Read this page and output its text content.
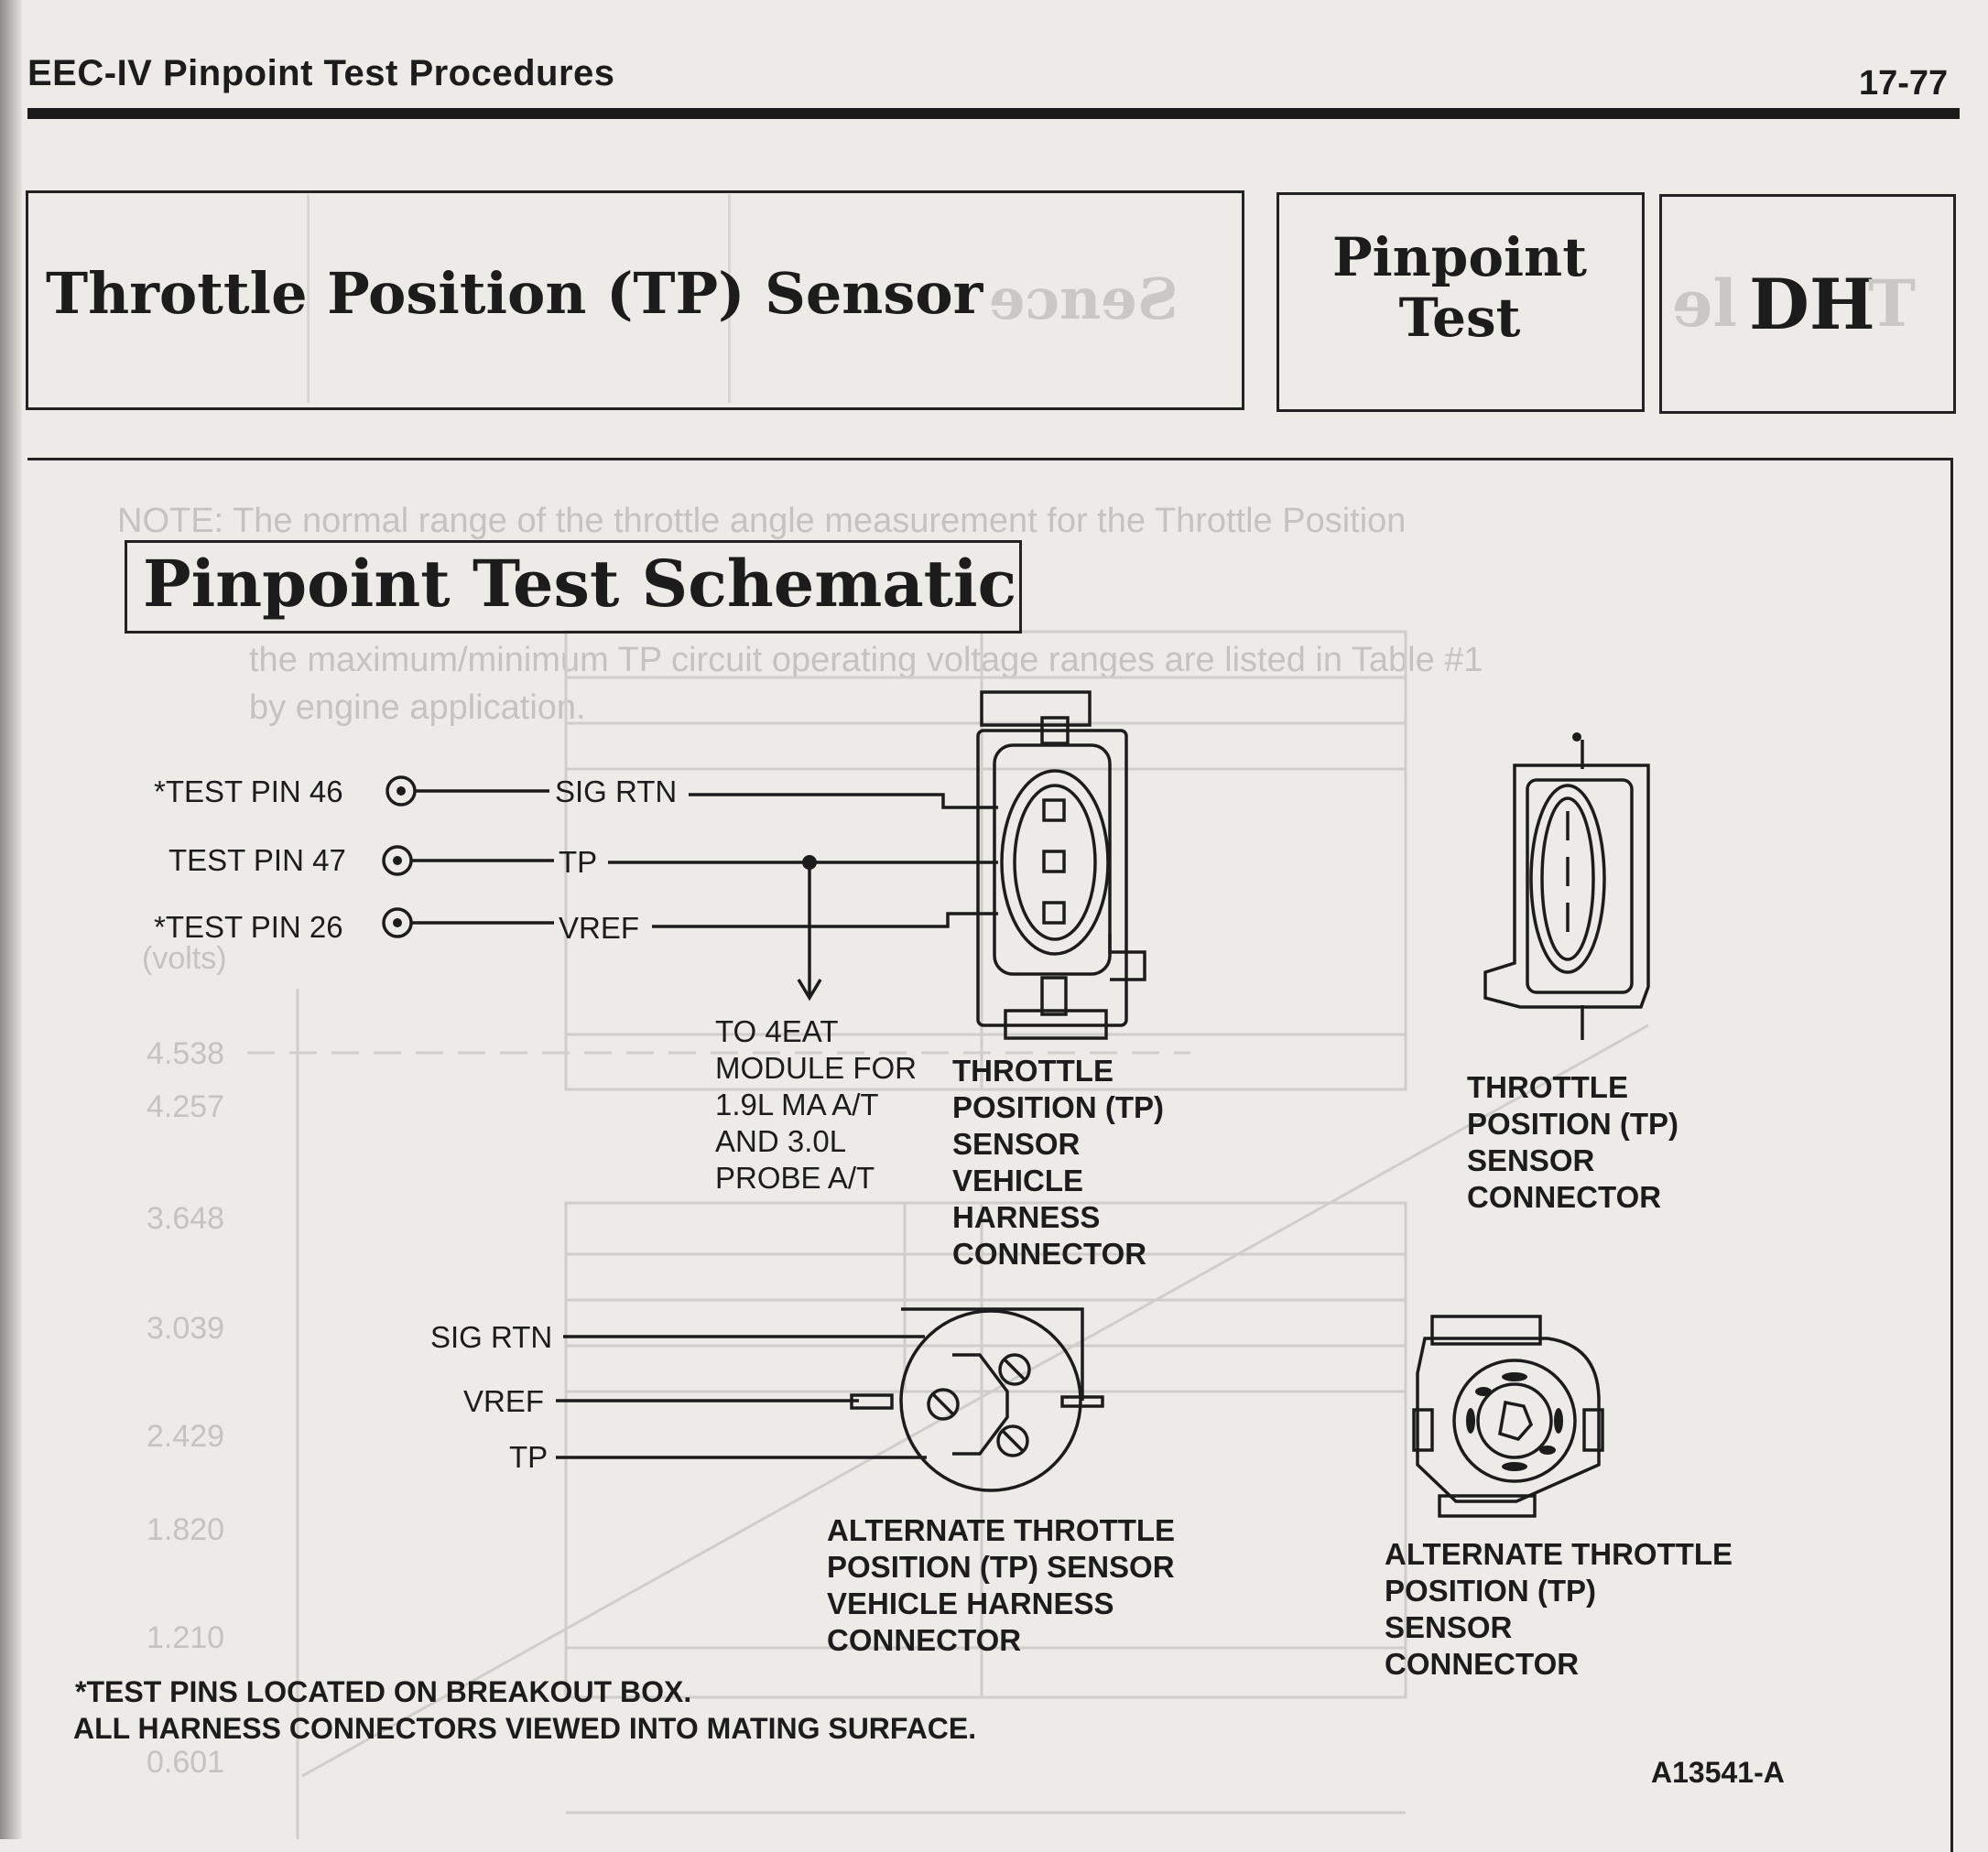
EEC-IV Pinpoint Test Procedures	17-77
ɘɔnɘƧ
Throttle Position (TP) Sensor
Pinpoint
Test	ɘl DH
T
NOTE: The normal range of the throttle angle measurement for the Throttle Position
the maximum/minimum TP circuit operating voltage ranges are listed in Table #1
by engine application.
4.538
4.257
3.648
3.039
2.429
1.820
1.210
0.601
(volts)
Pinpoint Test Schematic
*TEST PIN 46
TEST PIN 47
*TEST PIN 26
SIG RTN
TP
VREF
TO 4EAT
MODULE FOR
1.9L MA A/T
AND 3.0L
PROBE A/T
THROTTLE
POSITION (TP)
SENSOR
VEHICLE
HARNESS
CONNECTOR
THROTTLE
POSITION (TP)
SENSOR
CONNECTOR
SIG RTN
VREF
TP
ALTERNATE THROTTLE
POSITION (TP) SENSOR
VEHICLE HARNESS
CONNECTOR
ALTERNATE THROTTLE
POSITION (TP)
SENSOR
CONNECTOR
*TEST PINS LOCATED ON BREAKOUT BOX.
ALL HARNESS CONNECTORS VIEWED INTO MATING SURFACE.
A13541-A
